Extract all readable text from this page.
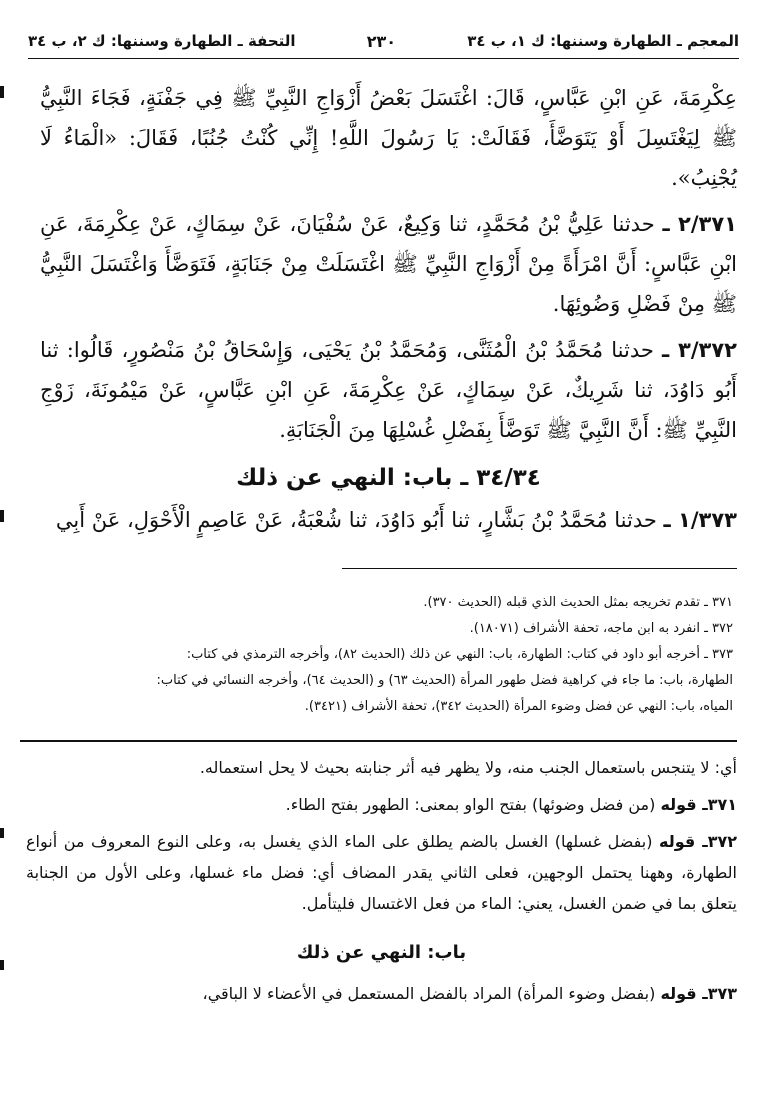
المعجم ـ الطهارة وسننها: ك ١، ب ٣٤
٢٣٠
التحفة ـ الطهارة وسننها: ك ٢، ب ٣٤

عِكْرِمَةَ، عَنِ ابْنِ عَبَّاسٍ، قَالَ: اغْتَسَلَ بَعْضُ أَزْوَاجِ النَّبِيِّ ﷺ فِي جَفْنَةٍ، فَجَاءَ النَّبِيُّ ﷺ لِيَغْتَسِلَ أَوْ يَتَوَضَّأَ، فَقَالَتْ: يَا رَسُولَ اللَّهِ! إِنِّي كُنْتُ جُنُبًا، فَقَالَ: «الْمَاءُ لَا يُجْنِبُ».

٢/٣٧١ ـ حدثنا عَلِيُّ بْنُ مُحَمَّدٍ، ثنا وَكِيعٌ، عَنْ سُفْيَانَ، عَنْ سِمَاكٍ، عَنْ عِكْرِمَةَ، عَنِ ابْنِ عَبَّاسٍ: أَنَّ امْرَأَةً مِنْ أَزْوَاجِ النَّبِيِّ ﷺ اغْتَسَلَتْ مِنْ جَنَابَةٍ، فَتَوَضَّأَ وَاغْتَسَلَ النَّبِيُّ ﷺ مِنْ فَضْلِ وَضُوئِهَا.

٣/٣٧٢ ـ حدثنا مُحَمَّدُ بْنُ الْمُثَنَّى، وَمُحَمَّدُ بْنُ يَحْيَى، وَإِسْحَاقُ بْنُ مَنْصُورٍ، قَالُوا: ثنا أَبُو دَاوُدَ، ثنا شَرِيكٌ، عَنْ سِمَاكٍ، عَنْ عِكْرِمَةَ، عَنِ ابْنِ عَبَّاسٍ، عَنْ مَيْمُونَةَ، زَوْجِ النَّبِيِّ ﷺ: أَنَّ النَّبِيَّ ﷺ تَوَضَّأَ بِفَضْلِ غُسْلِهَا مِنَ الْجَنَابَةِ.

٣٤/٣٤ ـ باب: النهي عن ذلك

١/٣٧٣ ـ حدثنا مُحَمَّدُ بْنُ بَشَّارٍ، ثنا أَبُو دَاوُدَ، ثنا شُعْبَةُ، عَنْ عَاصِمٍ الْأَحْوَلِ، عَنْ أَبِي

٣٧١ ـ تقدم تخريجه بمثل الحديث الذي قبله (الحديث ٣٧٠).
٣٧٢ ـ انفرد به ابن ماجه، تحفة الأشراف (١٨٠٧١).
٣٧٣ ـ أخرجه أبو داود في كتاب: الطهارة، باب: النهي عن ذلك (الحديث ٨٢)، وأخرجه الترمذي في كتاب:
الطهارة، باب: ما جاء في كراهية فضل طهور المرأة (الحديث ٦٣) و (الحديث ٦٤)، وأخرجه النسائي في كتاب:
المياه، باب: النهي عن فضل وضوء المرأة (الحديث ٣٤٢)، تحفة الأشراف (٣٤٢١).

أي: لا يتنجس باستعمال الجنب منه، ولا يظهر فيه أثر جنابته بحيث لا يحل استعماله.

٣٧١ـ قوله (من فضل وضوئها) بفتح الواو بمعنى: الطهور بفتح الطاء.

٣٧٢ـ قوله (بفضل غسلها) الغسل بالضم يطلق على الماء الذي يغسل به، وعلى النوع المعروف من أنواع الطهارة، وههنا يحتمل الوجهين، فعلى الثاني يقدر المضاف أي: فضل ماء غسلها، وعلى الأول من الجنابة يتعلق بما في ضمن الغسل، يعني: الماء من فعل الاغتسال فليتأمل.

باب: النهي عن ذلك

٣٧٣ـ قوله (بفضل وضوء المرأة) المراد بالفضل المستعمل في الأعضاء لا الباقي،
